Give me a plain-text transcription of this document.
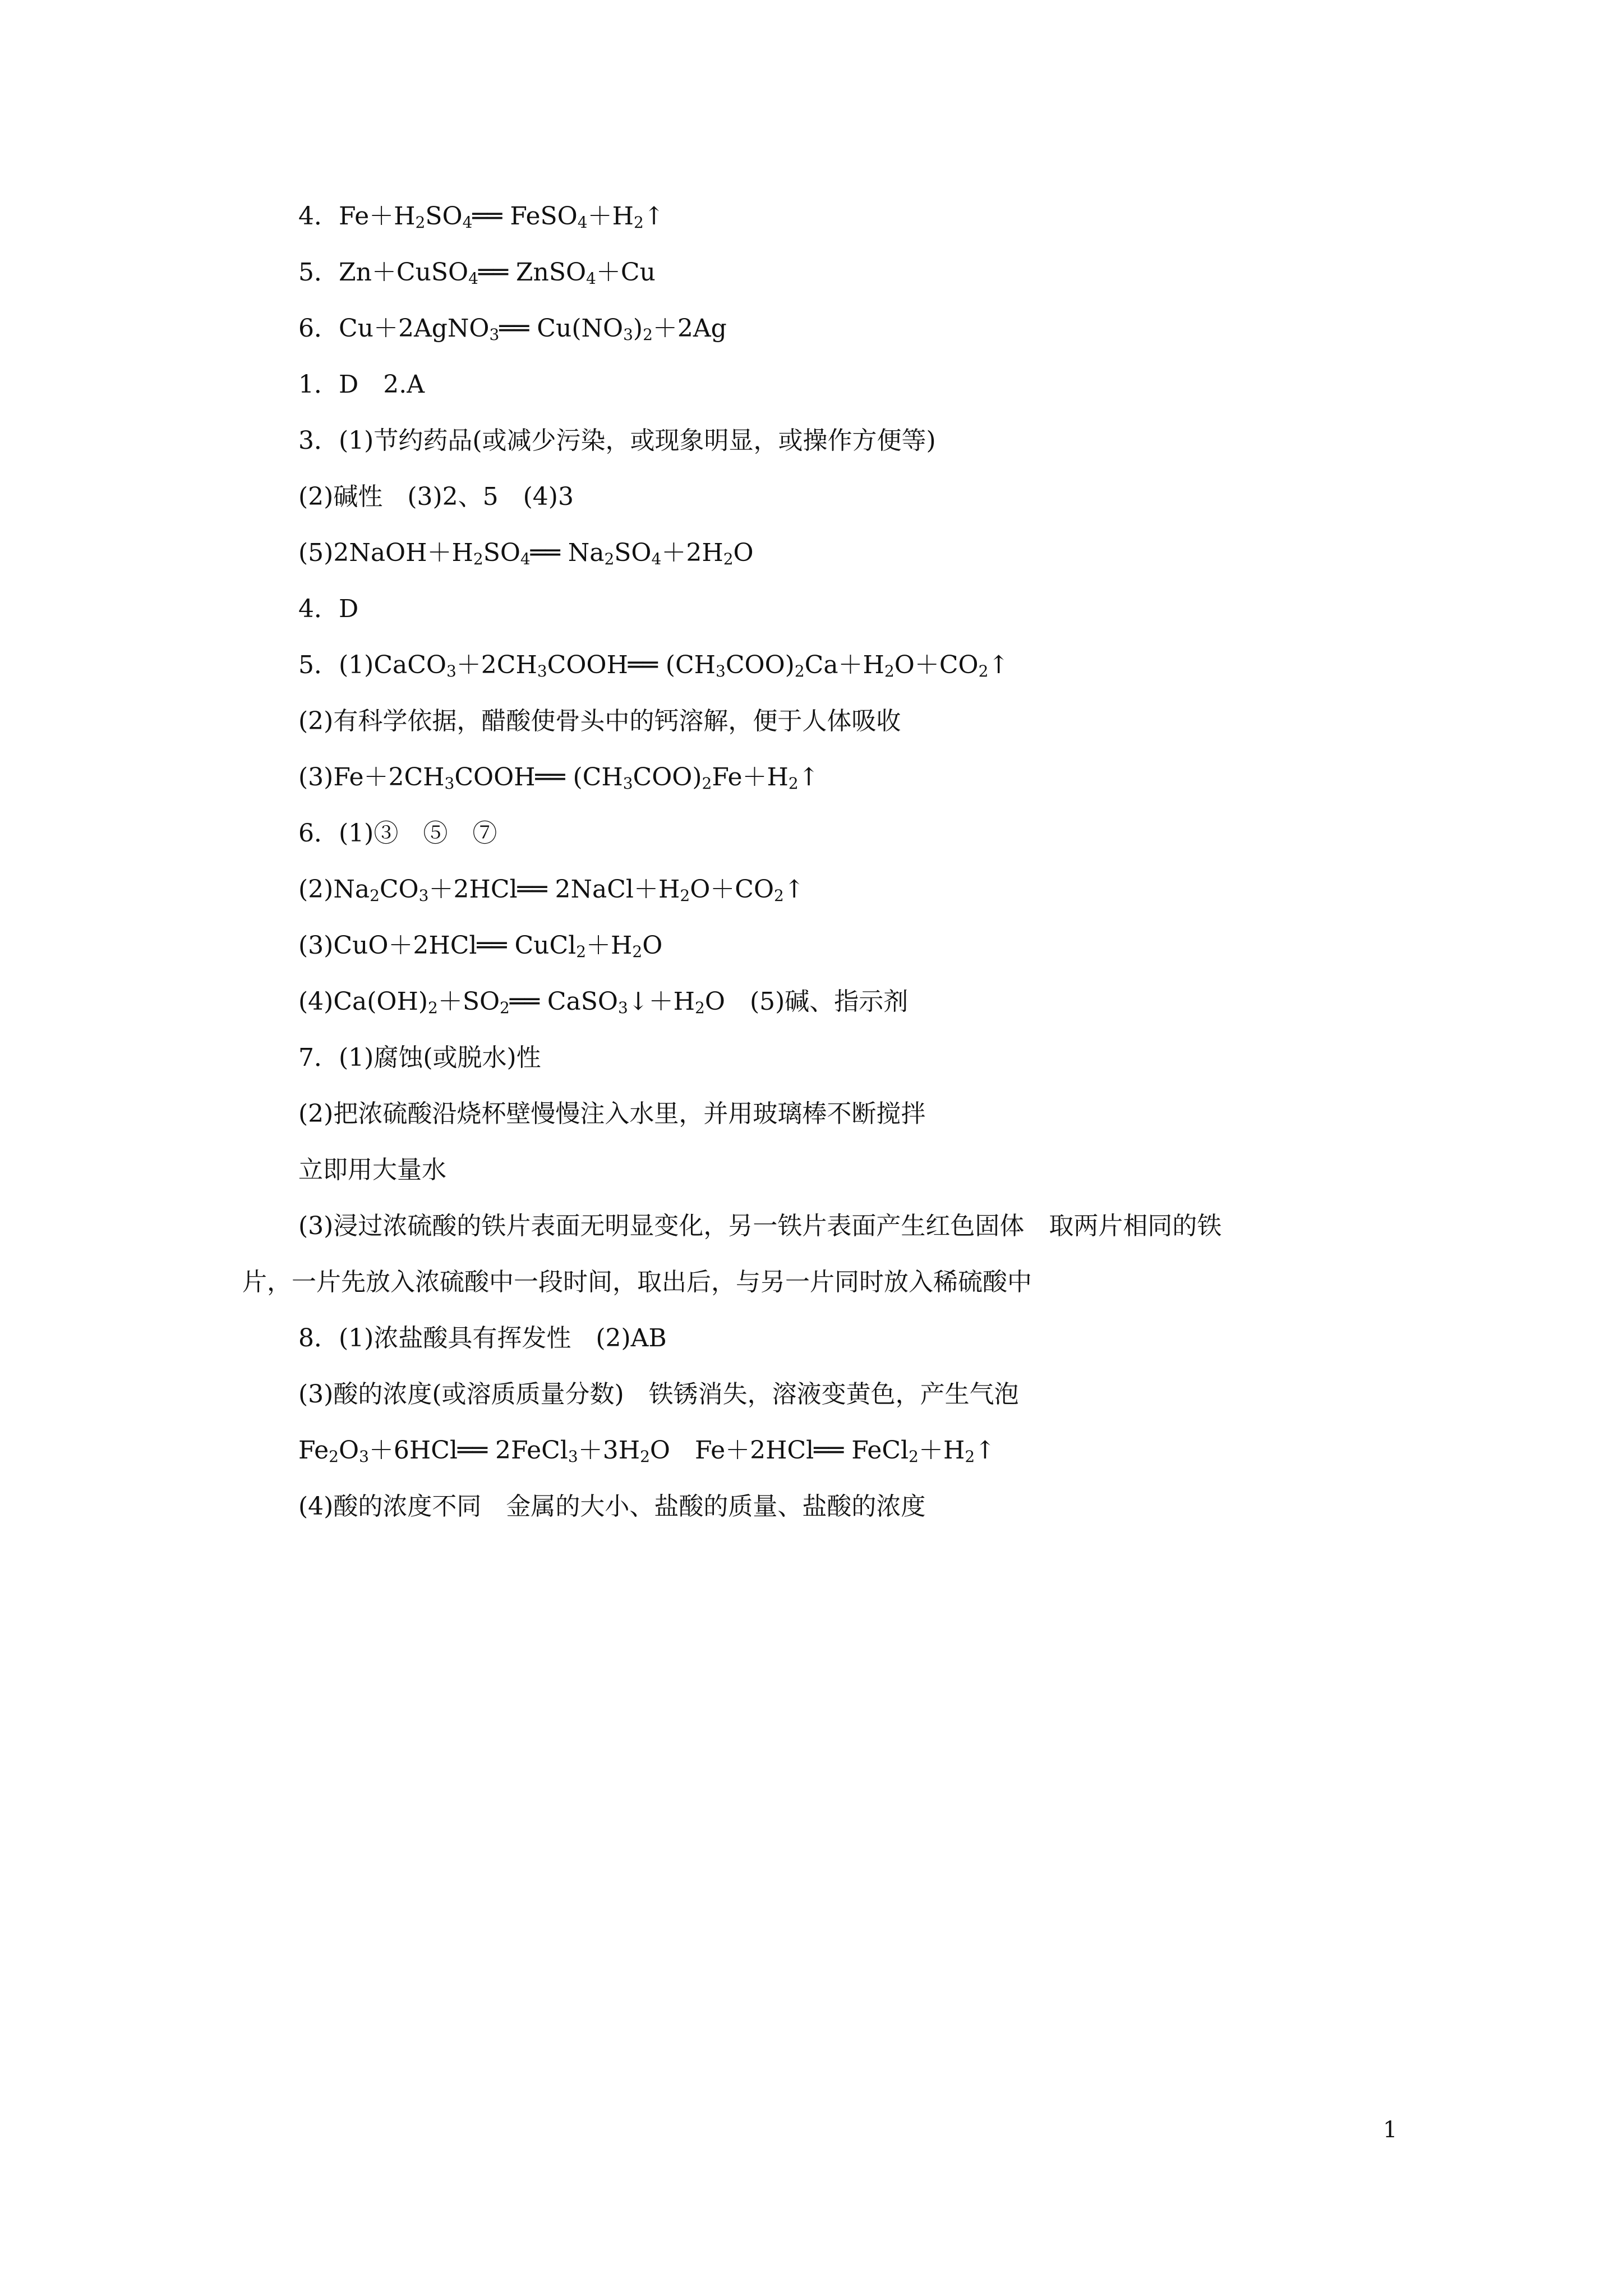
4．$Fe+H_2SO_4══$ $FeSO_4+H_2↑$
5．Zn＋CuSO$_4$══ ZnSO$_4$＋Cu
6．Cu＋2AgNO$_3$══ $Cu(NO_3)_2+2Ag$
1．D　2.A
3．(1)节约药品(或减少污染，或现象明显，或操作方便等)
(2)碱性　(3)2、5　(4)3
$(5)2NaOH+H_2SO_4══$ $Na_2SO_4+2H_2O$
4．D
5．$(1)CaCO_3+2CH_3COOH══$ $(CH_3COO)_2Ca+H_2O+CO_2↑$
(2)有科学依据，醋酸使骨头中的钙溶解，便于人体吸收
$(3)Fe+2CH_3COOH══$ $(CH_3COO)_2Fe+H_2↑$
6．(1)③　⑤　⑦
$(2)Na_2CO_3+2HCl══$ $2NaCl+H_2O+CO_2↑$
(3)CuO＋2HCl══ $CuCl_2+H_2O$
$(4)Ca(OH)_2+SO_2══$ $CaSO_3↓+H_2O$　(5)碱、指示剂
7．(1)腐蚀(或脱水)性
(2)把浓硫酸沿烧杯壁慢慢注入水里，并用玻璃棒不断搅拌
立即用大量水
(3)浸过浓硫酸的铁片表面无明显变化，另一铁片表面产生红色固体　取两片相同的铁
片，一片先放入浓硫酸中一段时间，取出后，与另一片同时放入稀硫酸中
8．(1)浓盐酸具有挥发性　(2)AB
(3)酸的浓度(或溶质质量分数)　铁锈消失，溶液变黄色，产生气泡
$Fe_2O_3+6HCl══$ $2FeCl_3+3H_2O$　Fe＋2HCl══ $FeCl_2+H_2↑$
(4)酸的浓度不同　金属的大小、盐酸的质量、盐酸的浓度
1
